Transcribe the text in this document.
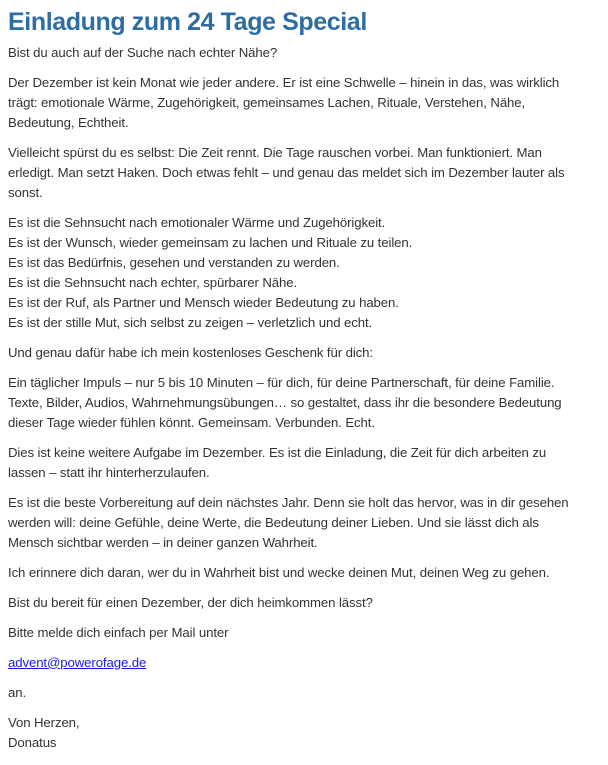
Einladung zum 24 Tage Special

Bist du auch auf der Suche nach echter Nähe?

Der Dezember ist kein Monat wie jeder andere. Er ist eine Schwelle – hinein in das, was wirklich
trägt: emotionale Wärme, Zugehörigkeit, gemeinsames Lachen, Rituale, Verstehen, Nähe,
Bedeutung, Echtheit.

Vielleicht spürst du es selbst: Die Zeit rennt. Die Tage rauschen vorbei. Man funktioniert. Man
erledigt. Man setzt Haken. Doch etwas fehlt – und genau das meldet sich im Dezember lauter als
sonst.

Es ist die Sehnsucht nach emotionaler Wärme und Zugehörigkeit.
Es ist der Wunsch, wieder gemeinsam zu lachen und Rituale zu teilen.
Es ist das Bedürfnis, gesehen und verstanden zu werden.
Es ist die Sehnsucht nach echter, spürbarer Nähe.
Es ist der Ruf, als Partner und Mensch wieder Bedeutung zu haben.
Es ist der stille Mut, sich selbst zu zeigen – verletzlich und echt.

Und genau dafür habe ich mein kostenloses Geschenk für dich:

Ein täglicher Impuls – nur 5 bis 10 Minuten – für dich, für deine Partnerschaft, für deine Familie.
Texte, Bilder, Audios, Wahrnehmungsübungen… so gestaltet, dass ihr die besondere Bedeutung
dieser Tage wieder fühlen könnt. Gemeinsam. Verbunden. Echt.

Dies ist keine weitere Aufgabe im Dezember. Es ist die Einladung, die Zeit für dich arbeiten zu
lassen – statt ihr hinterherzulaufen.

Es ist die beste Vorbereitung auf dein nächstes Jahr. Denn sie holt das hervor, was in dir gesehen
werden will: deine Gefühle, deine Werte, die Bedeutung deiner Lieben. Und sie lässt dich als
Mensch sichtbar werden – in deiner ganzen Wahrheit.

Ich erinnere dich daran, wer du in Wahrheit bist und wecke deinen Mut, deinen Weg zu gehen.

Bist du bereit für einen Dezember, der dich heimkommen lässt?

Bitte melde dich einfach per Mail unter

advent@powerofage.de

an.

Von Herzen,
Donatus
